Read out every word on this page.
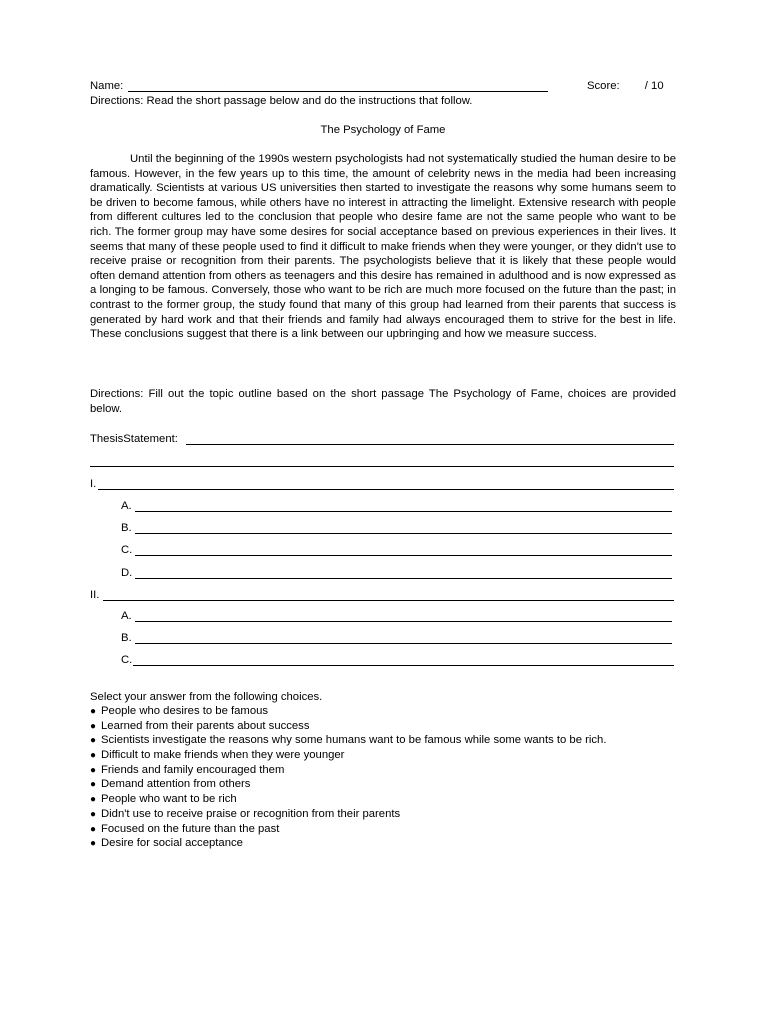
Name:	Score:        / 10
Directions: Read the short passage below and do the instructions that follow.
The Psychology of Fame

Until the beginning of the 1990s western psychologists had not systematically studied the human desire to be famous. However, in the few years up to this time, the amount of celebrity news in the media had been increasing dramatically. Scientists at various US universities then started to investigate the reasons why some humans seem to be driven to become famous, while others have no interest in attracting the limelight. Extensive research with people from different cultures led to the conclusion that people who desire fame are not the same people who want to be rich. The former group may have some desires for social acceptance based on previous experiences in their lives. It seems that many of these people used to find it difficult to make friends when they were younger, or they didn't use to receive praise or recognition from their parents. The psychologists believe that it is likely that these people would often demand attention from others as teenagers and this desire has remained in adulthood and is now expressed as a longing to be famous. Conversely, those who want to be rich are much more focused on the future than the past; in contrast to the former group, the study found that many of this group had learned from their parents that success is generated by hard work and that their friends and family had always encouraged them to strive for the best in life. These conclusions suggest that there is a link between our upbringing and how we measure success.

Directions: Fill out the topic outline based on the short passage The Psychology of Fame, choices are provided below.

ThesisStatement:
I.
A.
B.
C.
D.
II.
A.
B.
C.
Select your answer from the following choices.
● People who desires to be famous
● Learned from their parents about success
● Scientists investigate the reasons why some humans want to be famous while some wants to be rich.
● Difficult to make friends when they were younger
● Friends and family encouraged them
● Demand attention from others
● People who want to be rich
● Didn't use to receive praise or recognition from their parents
● Focused on the future than the past
● Desire for social acceptance
